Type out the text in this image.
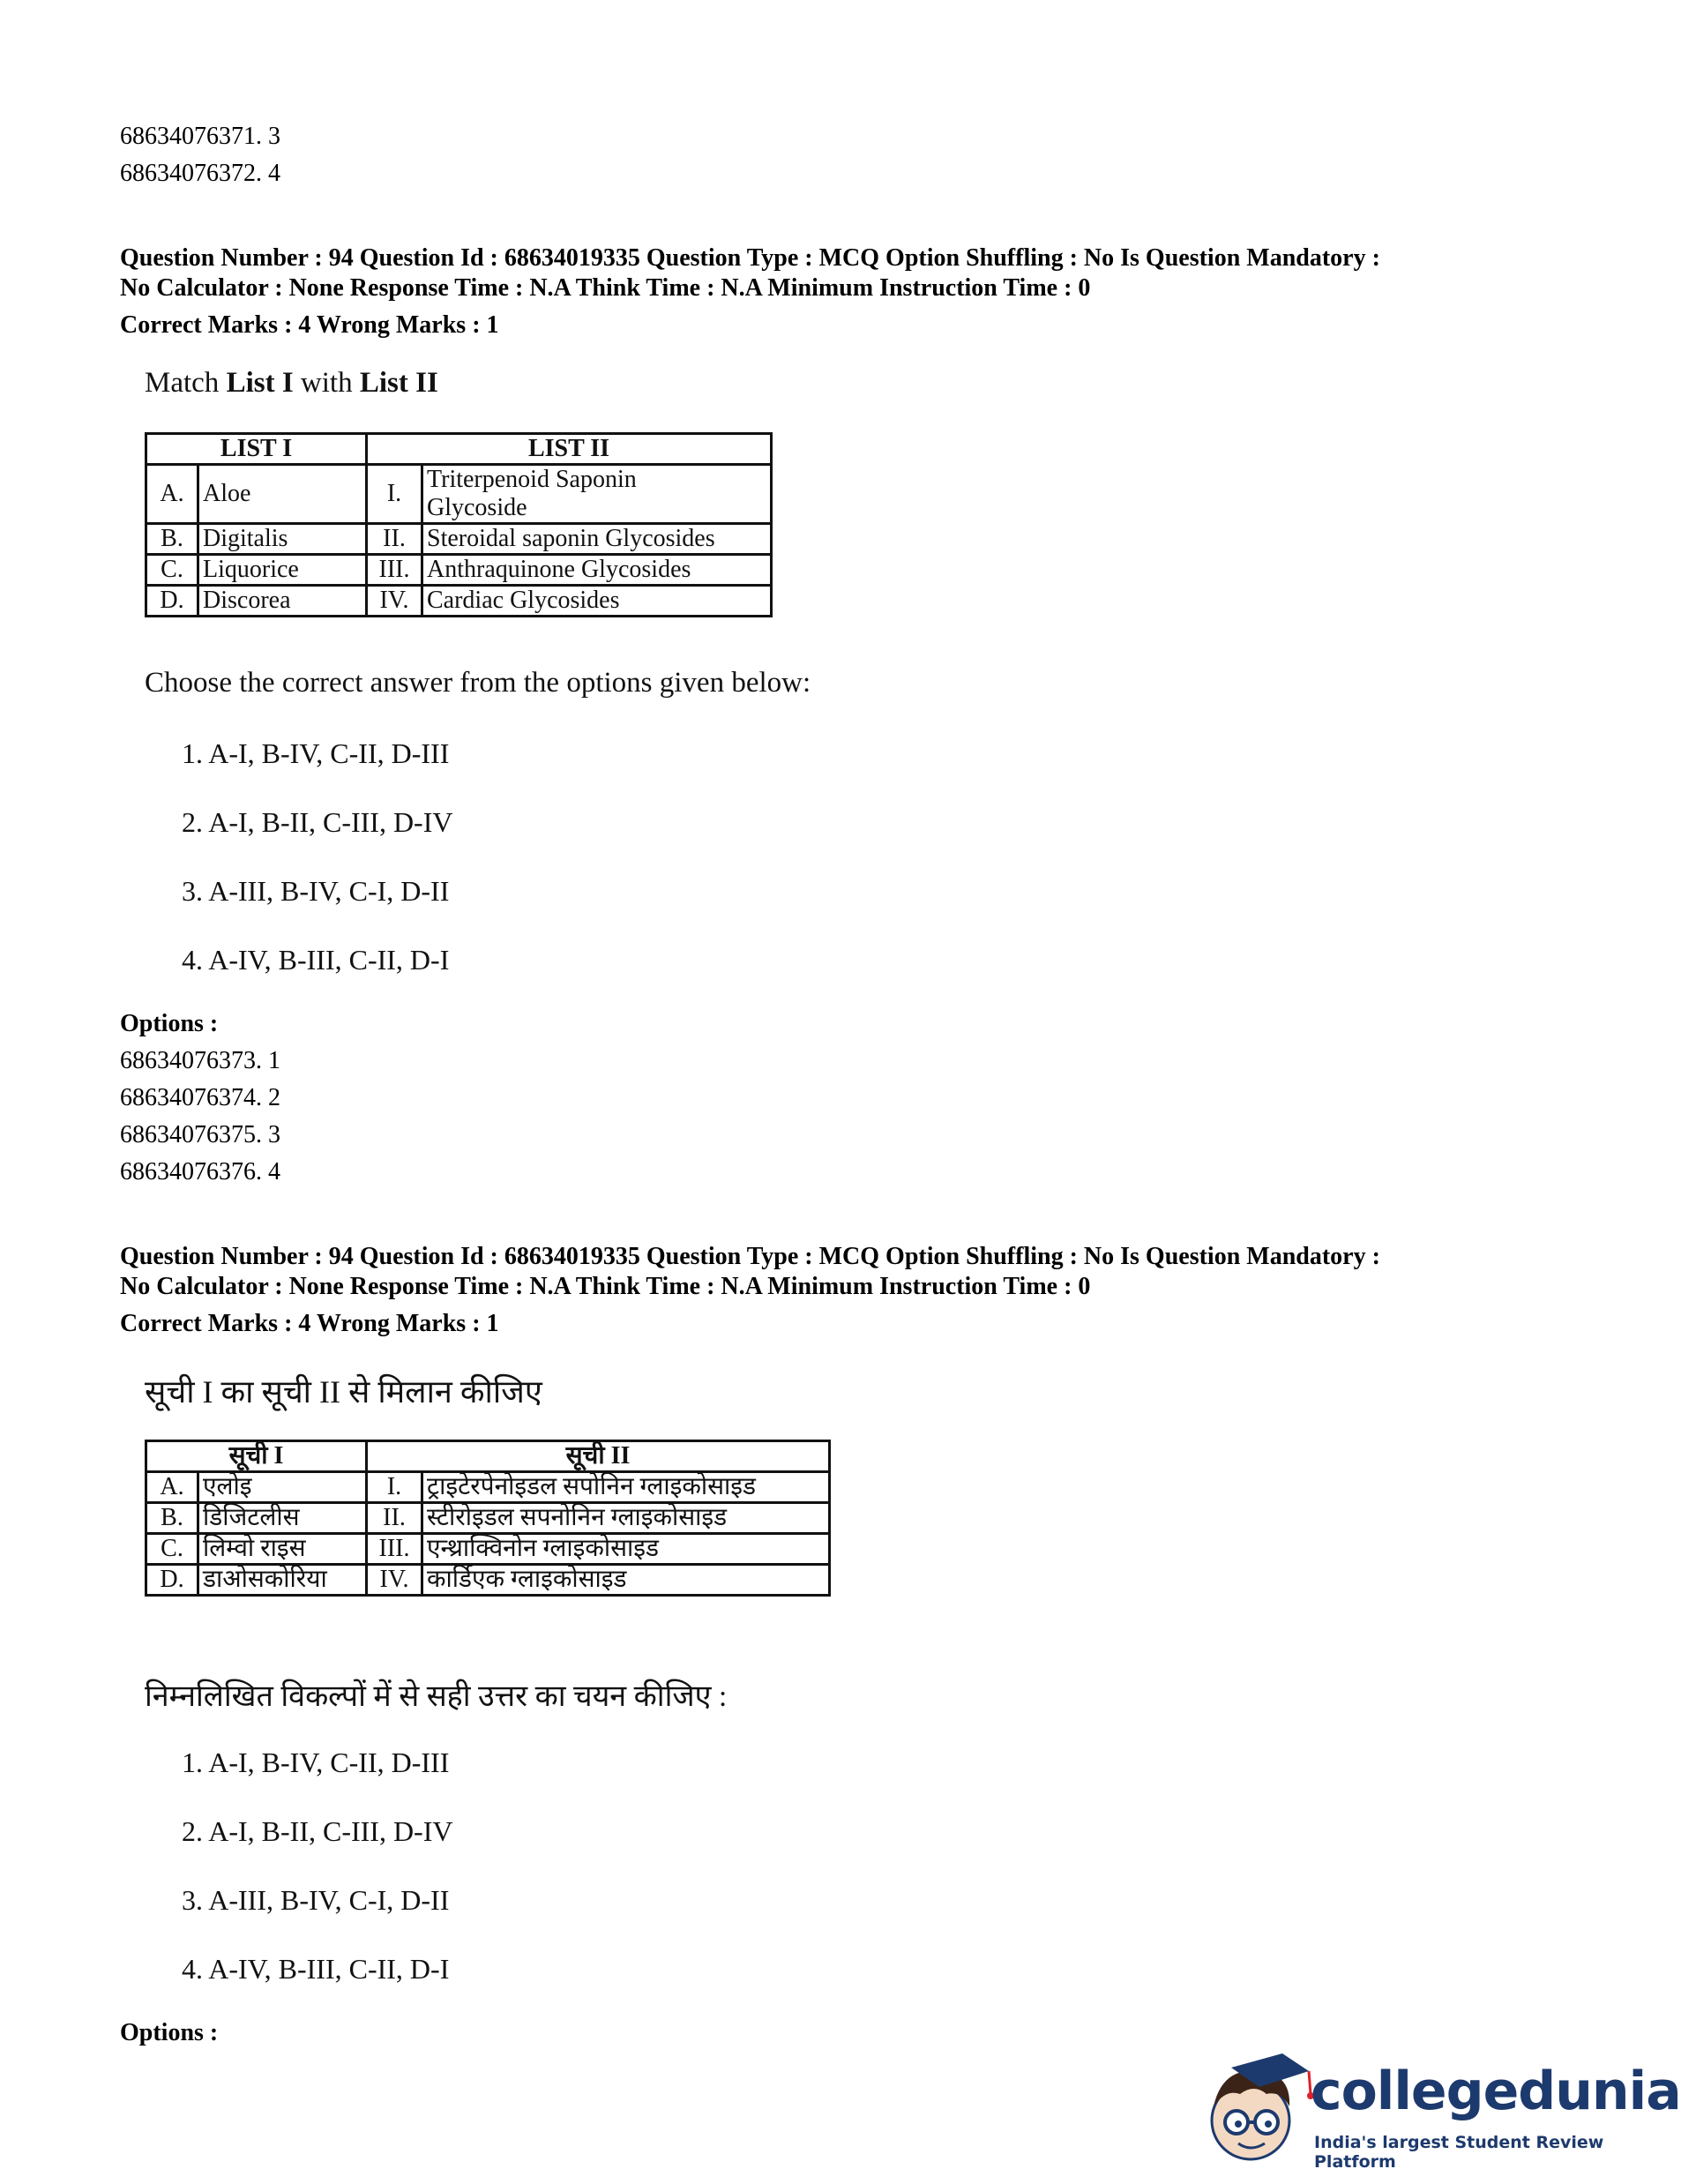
68634076371. 3
68634076372. 4
Question Number : 94 Question Id : 68634019335 Question Type : MCQ Option Shuffling : No Is Question Mandatory :
No Calculator : None Response Time : N.A Think Time : N.A Minimum Instruction Time : 0
Correct Marks : 4 Wrong Marks : 1
Match List I with List II
LIST I		LIST II	
A.	Aloe	I.	Triterpenoid Saponin
Glycoside

B.	Digitalis	II.	Steroidal saponin Glycosides
C.	Liquorice	III.	Anthraquinone Glycosides
D.	Discorea	IV.	Cardiac Glycosides
Choose the correct answer from the options given below:
1. A-I, B-IV, C-II, D-III
2. A-I, B-II, C-III, D-IV
3. A-III, B-IV, C-I, D-II
4. A-IV, B-III, C-II, D-I
Options :
68634076373. 1
68634076374. 2
68634076375. 3
68634076376. 4
Question Number : 94 Question Id : 68634019335 Question Type : MCQ Option Shuffling : No Is Question Mandatory :
No Calculator : None Response Time : N.A Think Time : N.A Minimum Instruction Time : 0
Correct Marks : 4 Wrong Marks : 1
सूची I का सूची II से मिलान कीजिए
सूची I		सूची II	
A.	एलोइ	I.	ट्राइटेरपेनोइडल सपोनिन ग्लाइकोसाइड
B.	डिजिटलीस	II.	स्टीरोइडल सपनोनिन ग्लाइकोसाइड
C.	लिम्वो राइस	III.	एन्थ्राक्विनोन ग्लाइकोसाइड
D.	डाओसकोरिया	IV.	कार्डिएक ग्लाइकोसाइड
निम्नलिखित विकल्पों में से सही उत्तर का चयन कीजिए :
1. A-I, B-IV, C-II, D-III
2. A-I, B-II, C-III, D-IV
3. A-III, B-IV, C-I, D-II
4. A-IV, B-III, C-II, D-I
Options :
collegedunia
India's largest Student Review Platform
